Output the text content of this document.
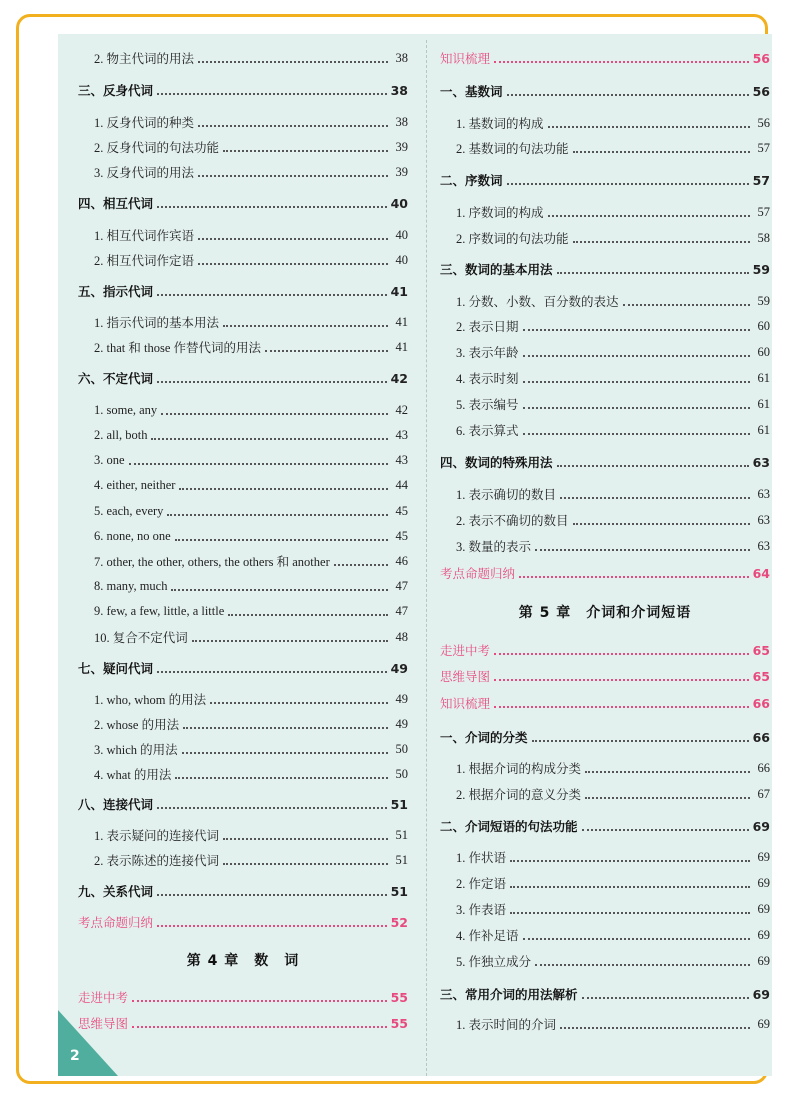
2
2. 物主代词的用法	38
三、反身代词	38
1. 反身代词的种类	38
2. 反身代词的句法功能	39
3. 反身代词的用法	39
四、相互代词	40
1. 相互代词作宾语	40
2. 相互代词作定语	40
五、指示代词	41
1. 指示代词的基本用法	41
2. that 和 those 作替代词的用法	41
六、不定代词	42
1. some, any	42
2. all, both	43
3. one	43
4. either, neither	44
5. each, every	45
6. none, no one	45
7. other, the other, others, the others 和 another	46
8. many, much	47
9. few, a few, little, a little	47
10. 复合不定代词	48
七、疑问代词	49
1. who, whom 的用法	49
2. whose 的用法	49
3. which 的用法	50
4. what 的用法	50
八、连接代词	51
1. 表示疑问的连接代词	51
2. 表示陈述的连接代词	51
九、关系代词	51
考点命题归纳	52
第 4 章　数　词
走进中考	55
思维导图	55
知识梳理	56
一、基数词	56
1. 基数词的构成	56
2. 基数词的句法功能	57
二、序数词	57
1. 序数词的构成	57
2. 序数词的句法功能	58
三、数词的基本用法	59
1. 分数、小数、百分数的表达	59
2. 表示日期	60
3. 表示年龄	60
4. 表示时刻	61
5. 表示编号	61
6. 表示算式	61
四、数词的特殊用法	63
1. 表示确切的数目	63
2. 表示不确切的数目	63
3. 数量的表示	63
考点命题归纳	64
第 5 章　介词和介词短语
走进中考	65
思维导图	65
知识梳理	66
一、介词的分类	66
1. 根据介词的构成分类	66
2. 根据介词的意义分类	67
二、介词短语的句法功能	69
1. 作状语	69
2. 作定语	69
3. 作表语	69
4. 作补足语	69
5. 作独立成分	69
三、常用介词的用法解析	69
1. 表示时间的介词	69
